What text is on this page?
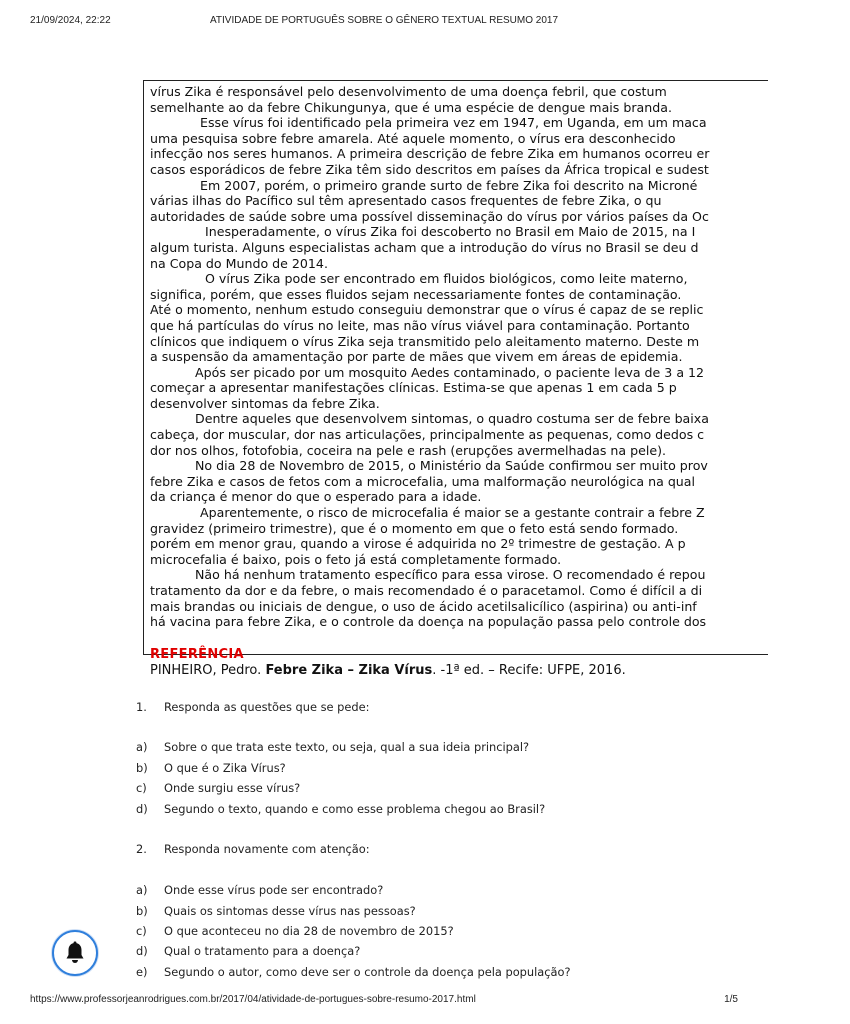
21/09/2024, 22:22	ATIVIDADE DE PORTUGUÊS SOBRE O GÊNERO TEXTUAL RESUMO 2017

vírus Zika é responsável pelo desenvolvimento de uma doença febril, que costum

semelhante ao da febre Chikungunya, que é uma espécie de dengue mais branda.

Esse vírus foi identificado pela primeira vez em 1947, em Uganda, em um maca

uma pesquisa sobre febre amarela. Até aquele momento, o vírus era desconhecido

infecção nos seres humanos. A primeira descrição de febre Zika em humanos ocorreu er

casos esporádicos de febre Zika têm sido descritos em países da África tropical e sudest

Em 2007, porém, o primeiro grande surto de febre Zika foi descrito na Microné

várias ilhas do Pacífico sul têm apresentado casos frequentes de febre Zika, o qu

autoridades de saúde sobre uma possível disseminação do vírus por vários países da Oc

Inesperadamente, o vírus Zika foi descoberto no Brasil em Maio de 2015, na I

algum turista. Alguns especialistas acham que a introdução do vírus no Brasil se deu d

na Copa do Mundo de 2014.

O vírus Zika pode ser encontrado em fluidos biológicos, como leite materno,

significa, porém, que esses fluidos sejam necessariamente fontes de contaminação.

Até o momento, nenhum estudo conseguiu demonstrar que o vírus é capaz de se replic

que há partículas do vírus no leite, mas não vírus viável para contaminação. Portanto

clínicos que indiquem o vírus Zika seja transmitido pelo aleitamento materno. Deste m

a suspensão da amamentação por parte de mães que vivem em áreas de epidemia.

Após ser picado por um mosquito Aedes contaminado, o paciente leva de 3 a 12

começar a apresentar manifestações clínicas. Estima-se que apenas 1 em cada 5 p

desenvolver sintomas da febre Zika.

Dentre aqueles que desenvolvem sintomas, o quadro costuma ser de febre baixa

cabeça, dor muscular, dor nas articulações, principalmente as pequenas, como dedos c

dor nos olhos, fotofobia, coceira na pele e rash (erupções avermelhadas na pele).

No dia 28 de Novembro de 2015, o Ministério da Saúde confirmou ser muito prov

febre Zika e casos de fetos com a microcefalia, uma malformação neurológica na qual

da criança é menor do que o esperado para a idade.

Aparentemente, o risco de microcefalia é maior se a gestante contrair a febre Z

gravidez (primeiro trimestre), que é o momento em que o feto está sendo formado.

porém em menor grau, quando a virose é adquirida no 2º trimestre de gestação. A p

microcefalia é baixo, pois o feto já está completamente formado.

Não há nenhum tratamento específico para essa virose. O recomendado é repou

tratamento da dor e da febre, o mais recomendado é o paracetamol. Como é difícil a di

mais brandas ou iniciais de dengue, o uso de ácido acetilsalicílico (aspirina) ou anti-inf

há vacina para febre Zika, e o controle da doença na população passa pelo controle dos

REFERÊNCIA
PINHEIRO, Pedro. Febre Zika – Zika Vírus. -1ª ed. – Recife: UFPE, 2016.
1. Responda as questões que se pede:
a) Sobre o que trata este texto, ou seja, qual a sua ideia principal?
b) O que é o Zika Vírus?
c) Onde surgiu esse vírus?
d) Segundo o texto, quando e como esse problema chegou ao Brasil?
2. Responda novamente com atenção:
a) Onde esse vírus pode ser encontrado?
b) Quais os sintomas desse vírus nas pessoas?
c) O que aconteceu no dia 28 de novembro de 2015?
d) Qual o tratamento para a doença?
e) Segundo o autor, como deve ser o controle da doença pela população?
https://www.professorjeanrodrigues.com.br/2017/04/atividade-de-portugues-sobre-resumo-2017.html	1/5
